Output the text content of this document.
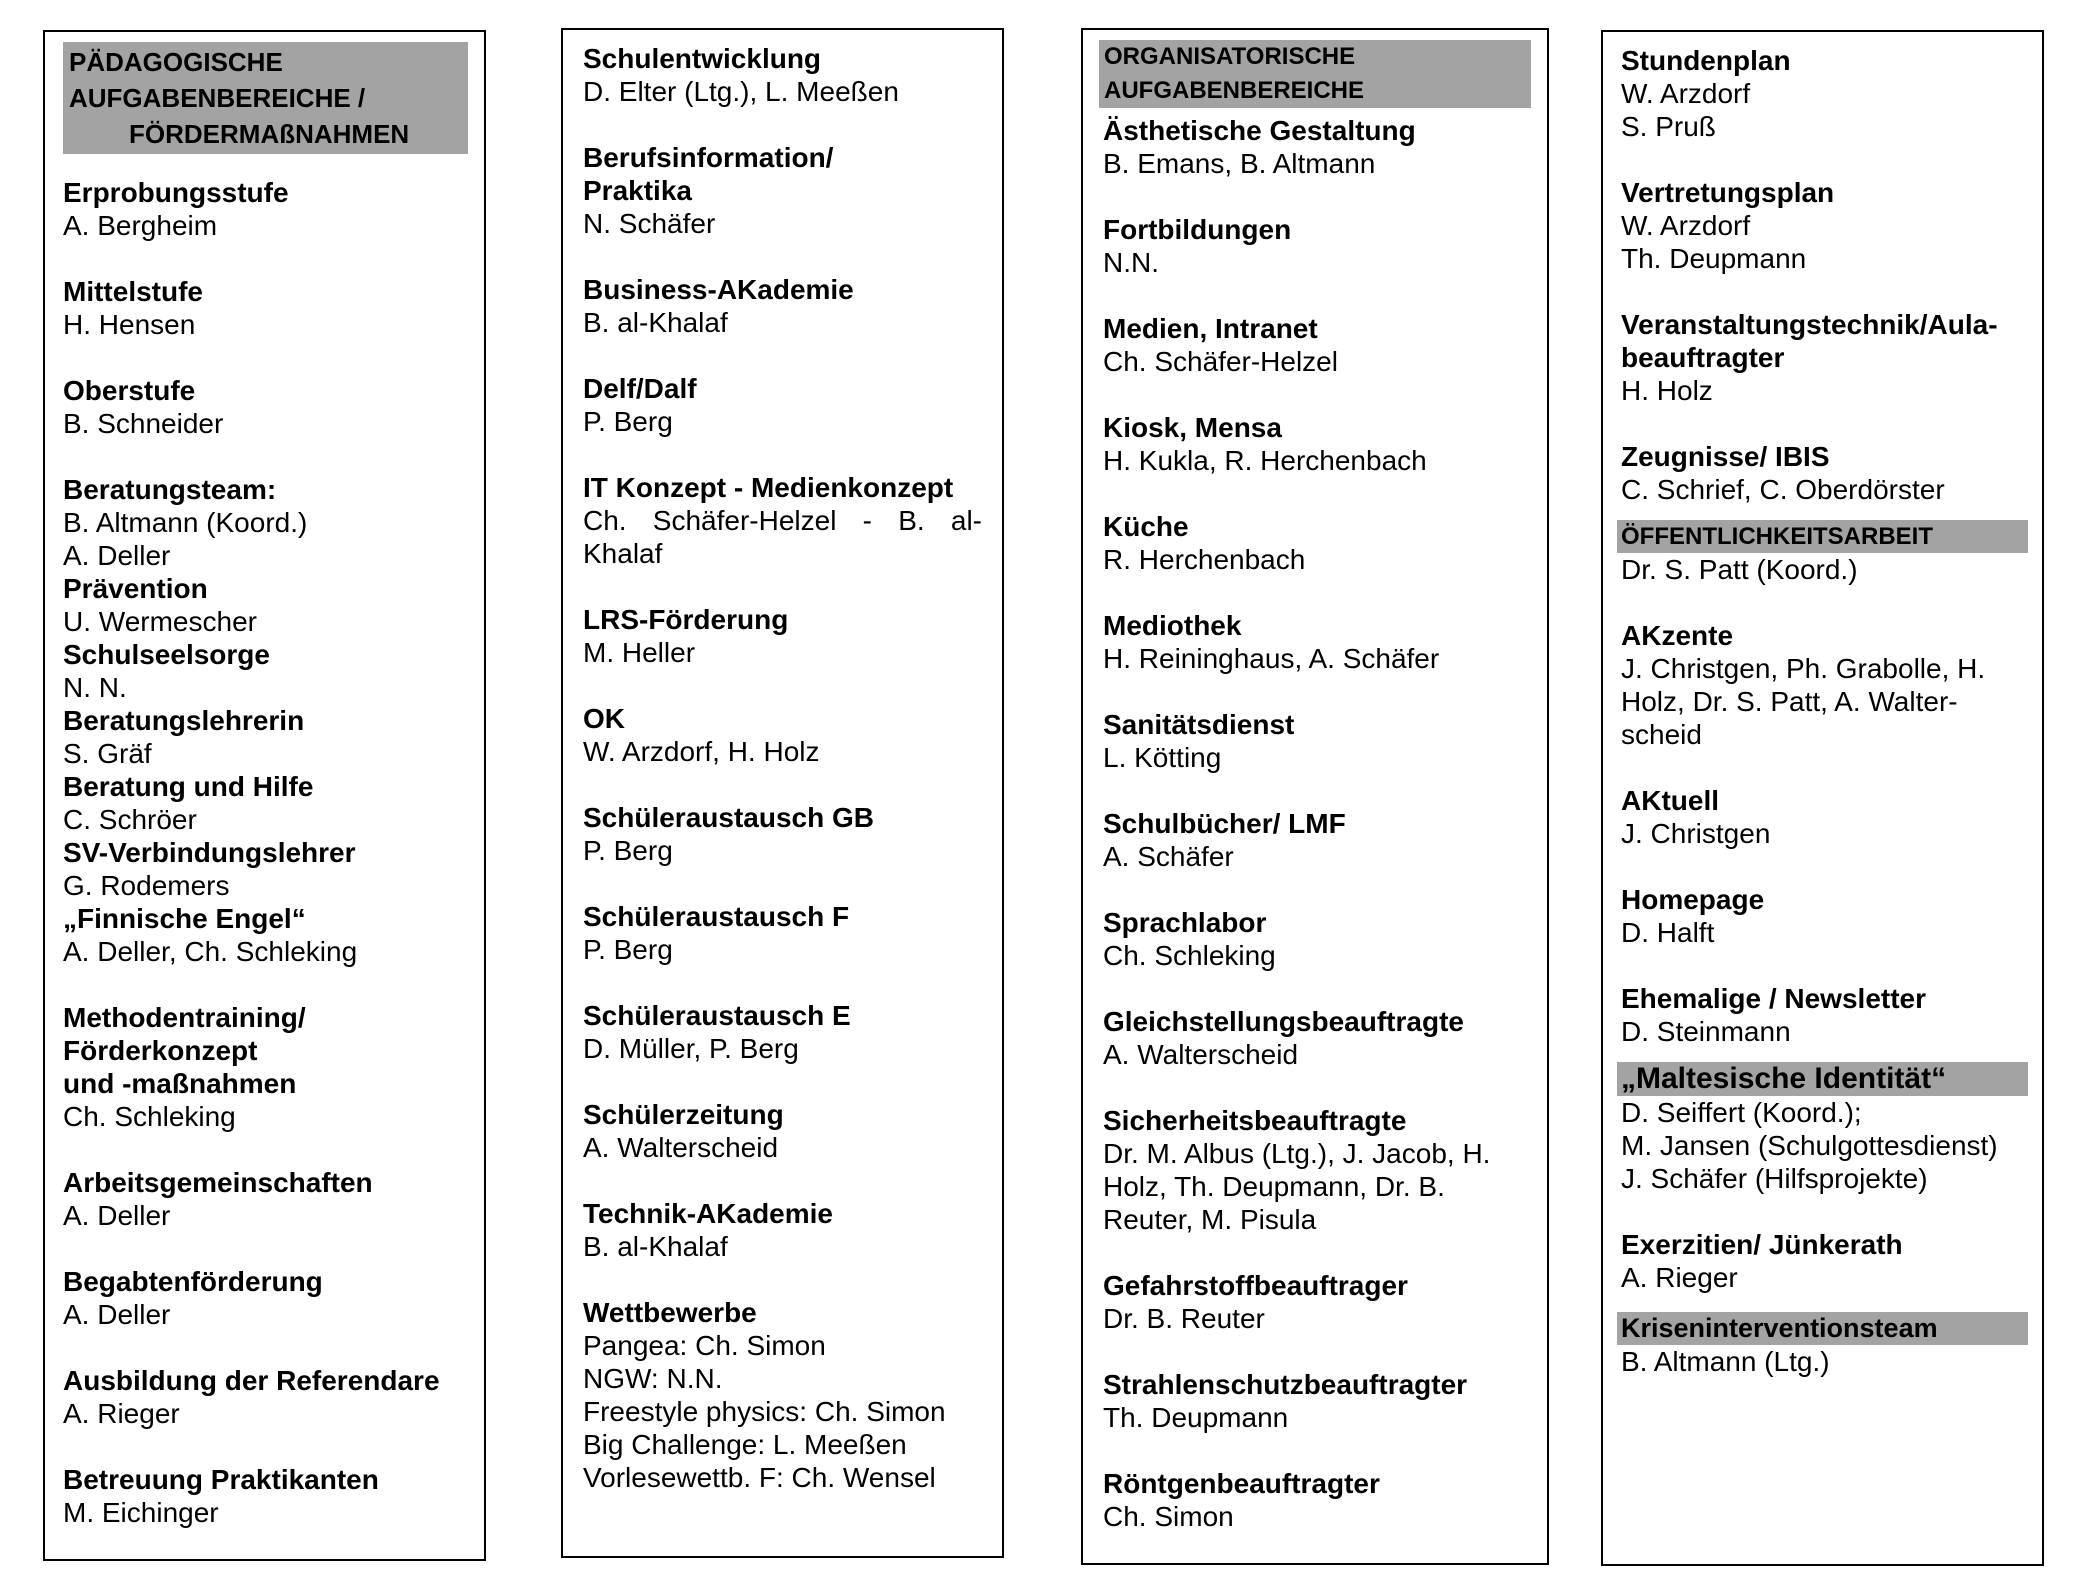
PÄDAGOGISCHE
AUFGABENBEREICHE /
FÖRDERMAßNAHMEN
Erprobungsstufe
A. Bergheim
Mittelstufe
H. Hensen
Oberstufe
B. Schneider
Beratungsteam:
B. Altmann (Koord.)
A. Deller
Prävention
U. Wermescher
Schulseelsorge
N. N.
Beratungslehrerin
S. Gräf
Beratung und Hilfe
C. Schröer
SV-Verbindungslehrer
G. Rodemers
„Finnische Engel“
A. Deller, Ch. Schleking
Methodentraining/
Förderkonzept
und -maßnahmen
Ch. Schleking
Arbeitsgemeinschaften
A. Deller
Begabtenförderung
A. Deller
Ausbildung der Referendare
A. Rieger
Betreuung Praktikanten
M. Eichinger
Schulentwicklung
D. Elter (Ltg.), L. Meeßen
Berufsinformation/
Praktika
N. Schäfer
Business-AKademie
B. al-Khalaf
Delf/Dalf
P. Berg
IT Konzept - Medienkonzept
Ch. Schäfer-Helzel - B. al-Khalaf
LRS-Förderung
M. Heller
OK
W. Arzdorf, H. Holz
Schüleraustausch GB
P. Berg
Schüleraustausch F
P. Berg
Schüleraustausch E
D. Müller, P. Berg
Schülerzeitung
A. Walterscheid
Technik-AKademie
B. al-Khalaf
Wettbewerbe
Pangea: Ch. Simon
NGW: N.N.
Freestyle physics: Ch. Simon
Big Challenge: L. Meeßen
Vorlesewettb. F: Ch. Wensel
ORGANISATORISCHE
AUFGABENBEREICHE
Ästhetische Gestaltung
B. Emans, B. Altmann
Fortbildungen
N.N.
Medien, Intranet
Ch. Schäfer-Helzel
Kiosk, Mensa
H. Kukla, R. Herchenbach
Küche
R. Herchenbach
Mediothek
H. Reininghaus, A. Schäfer
Sanitätsdienst
L. Kötting
Schulbücher/ LMF
A. Schäfer
Sprachlabor
Ch. Schleking
Gleichstellungsbeauftragte
A. Walterscheid
Sicherheitsbeauftragte
Dr. M. Albus (Ltg.), J. Jacob, H. Holz, Th. Deupmann, Dr. B. Reuter, M. Pisula
Gefahrstoffbeauftrager
Dr. B. Reuter
Strahlenschutzbeauftragter
Th. Deupmann
Röntgenbeauftragter
Ch. Simon
Stundenplan
W. Arzdorf
S. Pruß
Vertretungsplan
W. Arzdorf
Th. Deupmann
Veranstaltungstechnik/Aula-
beauftragter
H. Holz
Zeugnisse/ IBIS
C. Schrief, C. Oberdörster
ÖFFENTLICHKEITSARBEIT
Dr. S. Patt (Koord.)
AKzente
J. Christgen, Ph. Grabolle, H.
Holz, Dr. S. Patt, A. Walter-
scheid
AKtuell
J. Christgen
Homepage
D. Halft
Ehemalige / Newsletter
D. Steinmann
„Maltesische Identität“
D. Seiffert (Koord.);
M. Jansen (Schulgottesdienst)
J. Schäfer (Hilfsprojekte)
Exerzitien/ Jünkerath
A. Rieger
Kriseninterventionsteam
B. Altmann (Ltg.)
